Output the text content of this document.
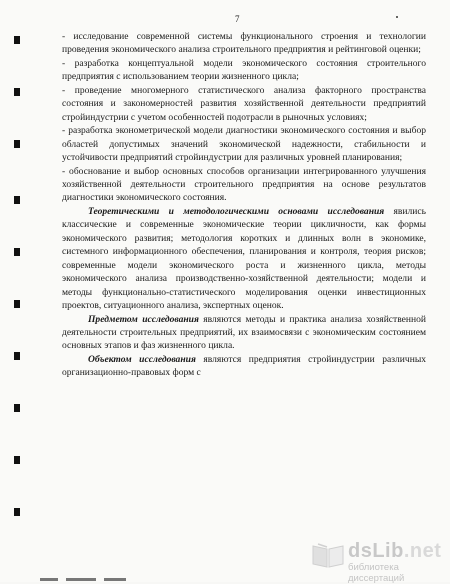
7

- исследование современной системы функционального строения и технологии проведения экономического анализа строительного предприятия и рейтинговой оценки;

- разработка концептуальной модели экономического состояния строительного предприятия с использованием теории жизненного цикла;

- проведение многомерного статистического анализа факторного пространства состояния и закономерностей развития хозяйственной деятельности предприятий стройиндустрии с учетом особенностей подотрасли в рыночных условиях;

- разработка эконометрической модели диагностики экономического состояния и выбор областей допустимых значений экономической надежности, стабильности и устойчивости предприятий стройиндустрии для различных уровней планирования;

- обоснование и выбор основных способов организации интегрированного улучшения хозяйственной деятельности строительного предприятия на основе результатов диагностики экономического состояния.

Теоретическими и методологическими основами исследования явились классические и современные экономические теории цикличности, как формы экономического развития; методология коротких и длинных волн в экономике, системного информационного обеспечения, планирования и контроля, теория рисков; современные модели экономического роста и жизненного цикла, методы экономического анализа производственно-хозяйственной деятельности; модели и методы функционально-статистического моделирования оценки инвестиционных проектов, ситуационного анализа, экспертных оценок.

Предметом исследования являются методы и практика анализа хозяйственной деятельности строительных предприятий, их взаимосвязи с экономическим состоянием основных этапов и фаз жизненного цикла.

Объектом исследования являются предприятия стройиндустрии различных организационно-правовых форм с

dsLib.net
библиотека диссертаций
